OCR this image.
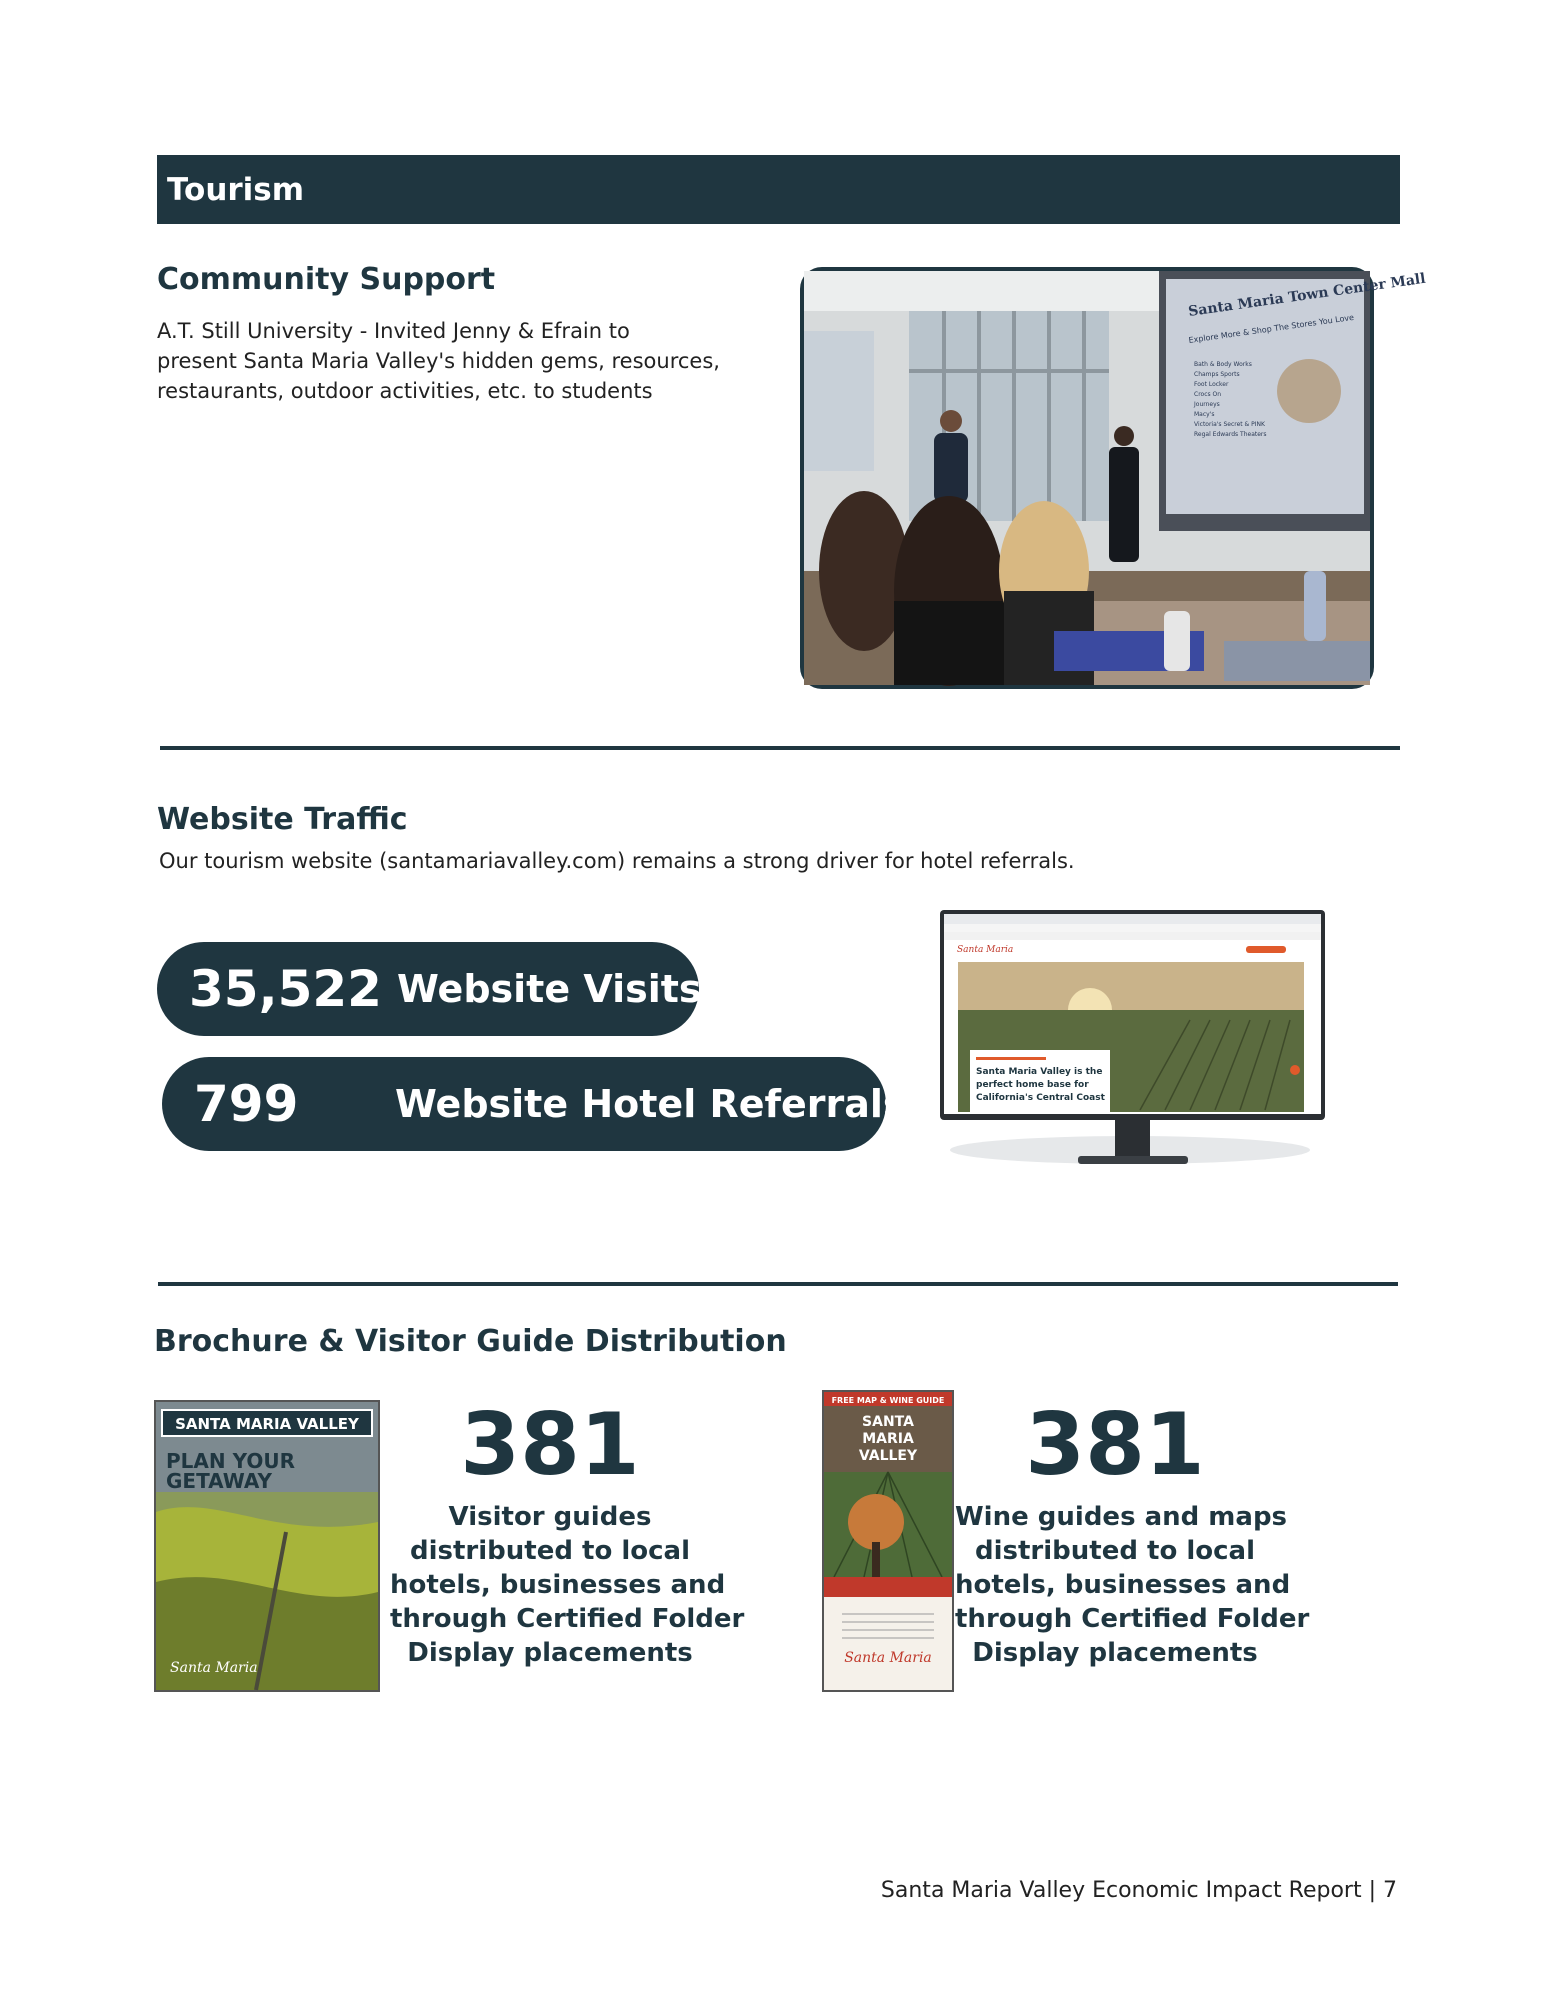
Tourism
Community Support
A.T. Still University - Invited Jenny & Efrain to
present Santa Maria Valley's hidden gems, resources,
restaurants, outdoor activities, etc. to students
Santa Maria Town Center Mall
Explore More & Shop The Stores You Love
Bath & Body Works
Champs Sports
Foot Locker
Crocs On
Journeys
Macy's
Victoria's Secret & PINK
Regal Edwards Theaters
Website Traffic
Our tourism website (santamariavalley.com) remains a strong driver for hotel referrals.
35,522 Website Visits
799	Website Hotel Referrals
Santa Maria
Santa Maria Valley is the
perfect home base for
California's Central Coast
Brochure & Visitor Guide Distribution
SANTA MARIA VALLEY
PLAN YOUR
GETAWAY
Santa Maria
381
Visitor guides
distributed to local
hotels, businesses and
through Certified Folder
Display placements
FREE MAP & WINE GUIDE
SANTA
MARIA
VALLEY
Santa Maria
381
Wine guides and maps
distributed to local
hotels, businesses and
through Certified Folder
Display placements
Santa Maria Valley Economic Impact Report | 7
